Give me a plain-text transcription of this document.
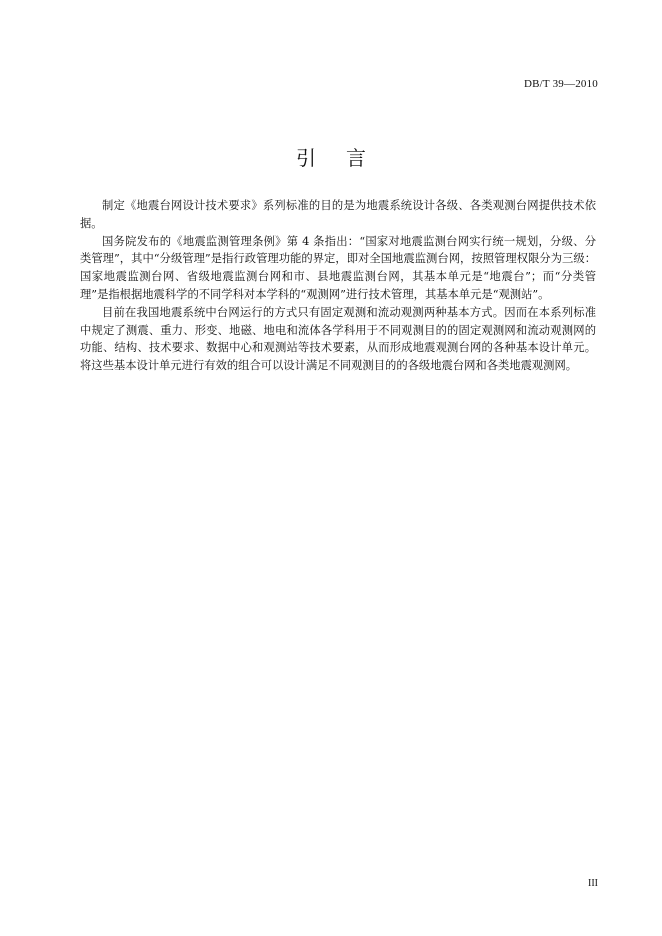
DB/T 39—2010
引言

制定《地震台网设计技术要求》系列标准的目的是为地震系统设计各级、各类观测台网提供技术依据。

国务院发布的《地震监测管理条例》第 4 条指出：“国家对地震监测台网实行统一规划，分级、分类管理”，其中“分级管理”是指行政管理功能的界定，即对全国地震监测台网，按照管理权限分为三级：国家地震监测台网、省级地震监测台网和市、县地震监测台网，其基本单元是“地震台”；而“分类管理”是指根据地震科学的不同学科对本学科的“观测网”进行技术管理，其基本单元是“观测站”。

目前在我国地震系统中台网运行的方式只有固定观测和流动观测两种基本方式。因而在本系列标准中规定了测震、重力、形变、地磁、地电和流体各学科用于不同观测目的的固定观测网和流动观测网的功能、结构、技术要求、数据中心和观测站等技术要素，从而形成地震观测台网的各种基本设计单元。将这些基本设计单元进行有效的组合可以设计满足不同观测目的的各级地震台网和各类地震观测网。

III
